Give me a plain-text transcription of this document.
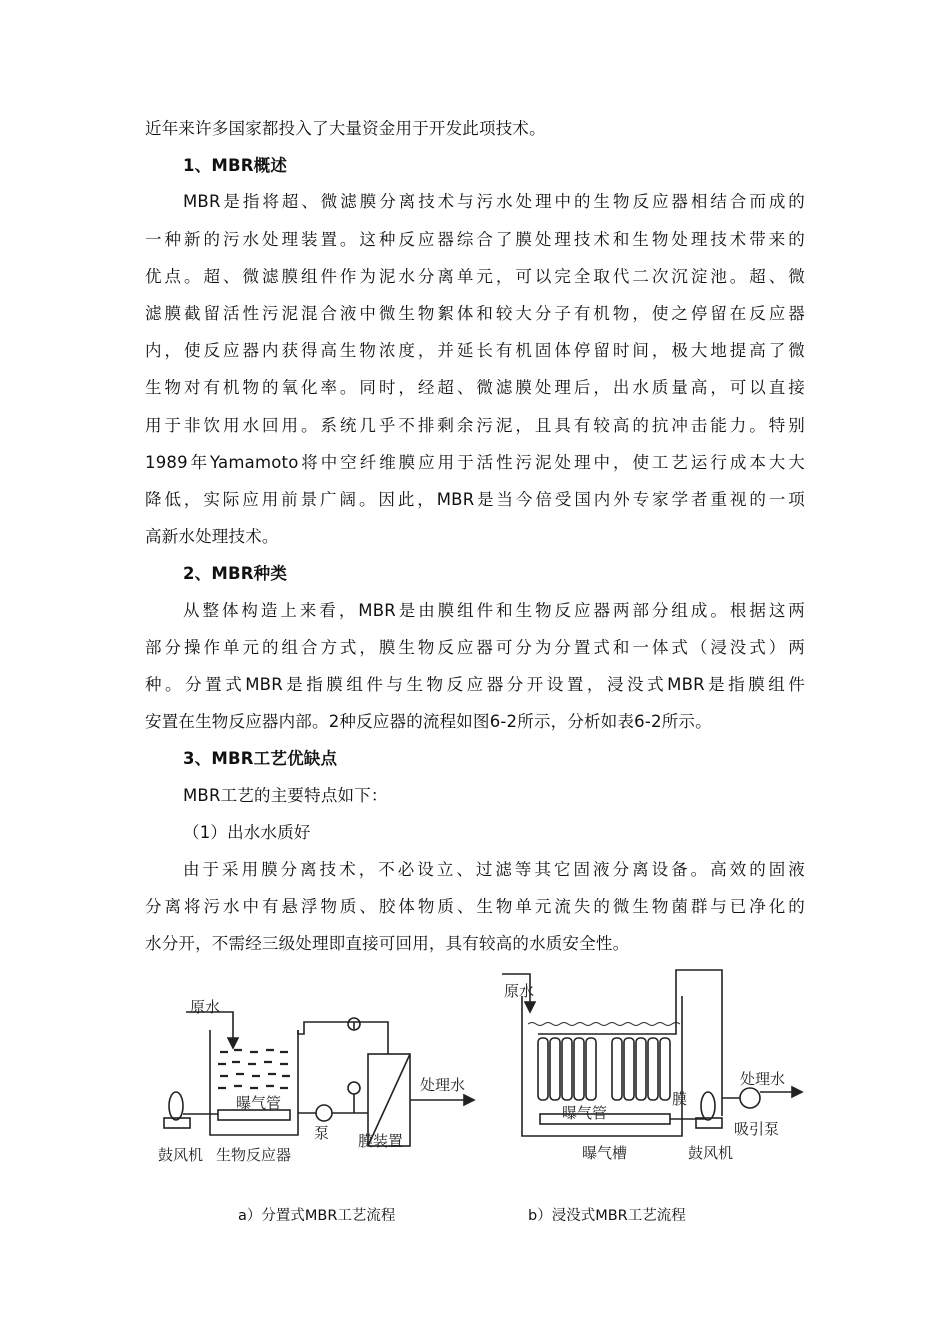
近年来许多国家都投入了大量资金用于开发此项技术。
1、MBR概述
MBR是指将超、微滤膜分离技术与污水处理中的生物反应器相结合而成的
一种新的污水处理装置。这种反应器综合了膜处理技术和生物处理技术带来的
优点。超、微滤膜组件作为泥水分离单元，可以完全取代二次沉淀池。超、微
滤膜截留活性污泥混合液中微生物絮体和较大分子有机物，使之停留在反应器
内，使反应器内获得高生物浓度，并延长有机固体停留时间，极大地提高了微
生物对有机物的氧化率。同时，经超、微滤膜处理后，出水质量高，可以直接
用于非饮用水回用。系统几乎不排剩余污泥，且具有较高的抗冲击能力。特别
1989年Yamamoto将中空纤维膜应用于活性污泥处理中，使工艺运行成本大大
降低，实际应用前景广阔。因此，MBR是当今倍受国内外专家学者重视的一项
高新水处理技术。
2、MBR种类
从整体构造上来看，MBR是由膜组件和生物反应器两部分组成。根据这两
部分操作单元的组合方式，膜生物反应器可分为分置式和一体式（浸没式）两
种。分置式MBR是指膜组件与生物反应器分开设置，浸没式MBR是指膜组件
安置在生物反应器内部。2种反应器的流程如图6-2所示，分析如表6-2所示。
3、MBR工艺优缺点
MBR工艺的主要特点如下：
（1）出水水质好
由于采用膜分离技术，不必设立、过滤等其它固液分离设备。高效的固液
分离将污水中有悬浮物质、胶体物质、生物单元流失的微生物菌群与已净化的
水分开，不需经三级处理即直接可回用，具有较高的水质安全性。
原水
曝气管
处理水
泵
鼓风机 生物反应器
膜装置
原水
膜
曝气管
处理水
吸引泵
曝气槽	鼓风机
a）分置式MBR工艺流程	b）浸没式MBR工艺流程
